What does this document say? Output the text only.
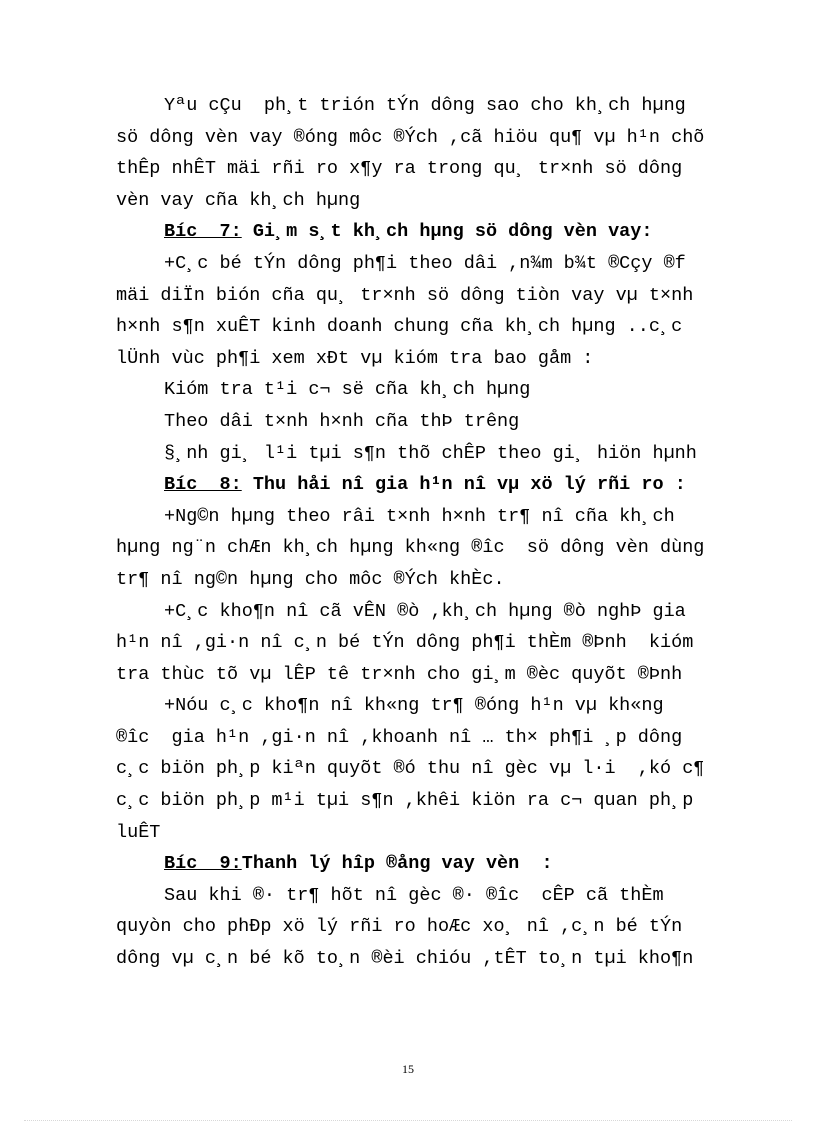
Yªu cÇu  ph¸t trión tÝn dông sao cho kh¸ch hµng
sö dông vèn vay ®óng môc ®Ých ,cã hiöu qu¶ vµ h¹n chõ
thÊp nhÊT mäi rñi ro x¶y ra trong qu¸ tr×nh sö dông
vèn vay cña kh¸ch hµng
Bíc  7: Gi¸m s¸t kh¸ch hµng sö dông vèn vay:
+C¸c bé tÝn dông ph¶i theo dâi ,n¾m b¾t ®Cçy ®f
mäi diÏn bión cña qu¸ tr×nh sö dông tiòn vay vµ t×nh
h×nh s¶n xuÊT kinh doanh chung cña kh¸ch hµng ..c¸c
lÜnh vùc ph¶i xem xÐt vµ kióm tra bao gåm :
Kióm tra t¹i c¬ së cña kh¸ch hµng
Theo dâi t×nh h×nh cña thÞ trêng
§¸nh gi¸ l¹i tµi s¶n thõ chÊP theo gi¸ hiön hµnh
Bíc  8: Thu håi nî gia h¹n nî vµ xö lý rñi ro :
+Ng©n hµng theo râi t×nh h×nh tr¶ nî cña kh¸ch
hµng ng¨n chÆn kh¸ch hµng kh«ng ®îc  sö dông vèn dùng
tr¶ nî ng©n hµng cho môc ®Ých khÈc.
+C¸c kho¶n nî cã vÊN ®ò ,kh¸ch hµng ®ò nghÞ gia
h¹n nî ,gi·n nî c¸n bé tÝn dông ph¶i thÈm ®Þnh  kióm
tra thùc tõ vµ lÊP tê tr×nh cho gi¸m ®èc quyõt ®Þnh
+Nóu c¸c kho¶n nî kh«ng tr¶ ®óng h¹n vµ kh«ng
®îc  gia h¹n ,gi·n nî ,khoanh nî … th× ph¶i ¸p dông
c¸c biön ph¸p kiªn quyõt ®ó thu nî gèc vµ l·i  ,kó c¶
c¸c biön ph¸p m¹i tµi s¶n ,khêi kiön ra c¬ quan ph¸p
luÊT
Bíc  9:Thanh lý hîp ®ång vay vèn  :
Sau khi ®· tr¶ hõt nî gèc ®· ®îc  cÊP cã thÈm
quyòn cho phÐp xö lý rñi ro hoÆc xo¸ nî ,c¸n bé tÝn
dông vµ c¸n bé kõ to¸n ®èi chióu ,tÊT to¸n tµi kho¶n
15
